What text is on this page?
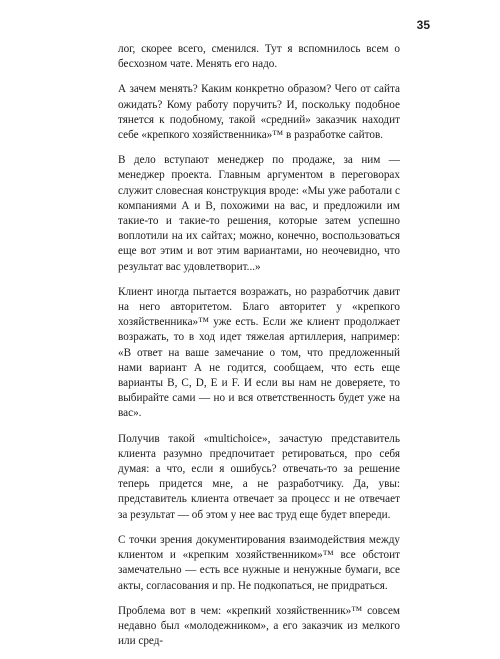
35

лог, скорее всего, сменился. Тут я вспомнилось всем о бесхозном чате. Менять его надо.

А зачем менять? Каким конкретно образом? Чего от сайта ожидать? Кому работу поручить? И, поскольку подобное тянется к подобному, такой «средний» заказчик находит себе «крепкого хозяйственника»™ в разработке сайтов.

В дело вступают менеджер по продаже, за ним — менеджер проекта. Главным аргументом в переговорах служит словесная конструкция вроде: «Мы уже работали с компаниями А и В, похожими на вас, и предложили им такие-то и такие-то решения, которые затем успешно воплотили на их сайтах; можно, конечно, воспользоваться еще вот этим и вот этим вариантами, но неочевидно, что результат вас удовлетворит...»

Клиент иногда пытается возражать, но разработчик давит на него авторитетом. Благо авторитет у «крепкого хозяйственника»™ уже есть. Если же клиент продолжает возражать, то в ход идет тяжелая артиллерия, например: «В ответ на ваше замечание о том, что предложенный нами вариант А не годится, сообщаем, что есть еще варианты B, C, D, E и F. И если вы нам не доверяете, то выбирайте сами — но и вся ответственность будет уже на вас».

Получив такой «multichoice», зачастую представитель клиента разумно предпочитает ретироваться, про себя думая: а что, если я ошибусь? отвечать-то за решение теперь придется мне, а не разработчику. Да, увы: представитель клиента отвечает за процесс и не отвечает за результат — об этом у нее вас труд еще будет впереди.

С точки зрения документирования взаимодействия между клиентом и «крепким хозяйственником»™ все обстоит замечательно — есть все нужные и ненужные бумаги, все акты, согласования и пр. Не подкопаться, не придраться.

Проблема вот в чем: «крепкий хозяйственник»™ совсем недавно был «молодежником», а его заказчик из мелкого или сред-
